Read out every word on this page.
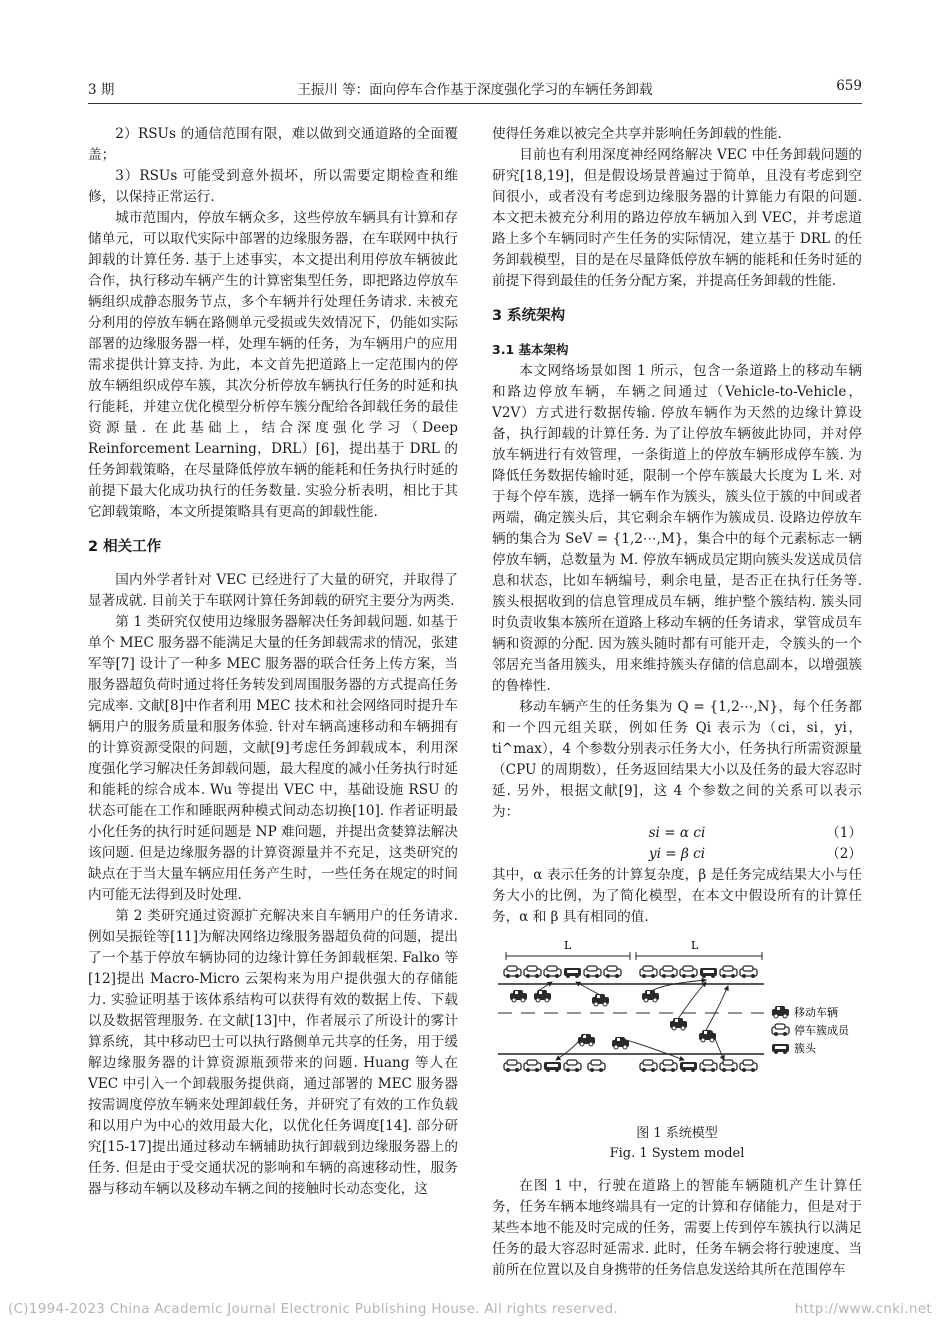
3 期	王振川 等：面向停车合作基于深度强化学习的车辆任务卸载	659

2）RSUs 的通信范围有限，难以做到交通道路的全面覆盖；

3）RSUs 可能受到意外损坏，所以需要定期检查和维修，以保持正常运行.

城市范围内，停放车辆众多，这些停放车辆具有计算和存储单元，可以取代实际中部署的边缘服务器，在车联网中执行卸载的计算任务. 基于上述事实，本文提出利用停放车辆彼此合作，执行移动车辆产生的计算密集型任务，即把路边停放车辆组织成静态服务节点，多个车辆并行处理任务请求. 未被充分利用的停放车辆在路侧单元受损或失效情况下，仍能如实际部署的边缘服务器一样，处理车辆的任务，为车辆用户的应用需求提供计算支持. 为此，本文首先把道路上一定范围内的停放车辆组织成停车簇，其次分析停放车辆执行任务的时延和执行能耗，并建立优化模型分析停车簇分配给各卸载任务的最佳资源量. 在此基础上，结合深度强化学习（Deep Reinforcement Learning，DRL）[6]，提出基于 DRL 的任务卸载策略，在尽量降低停放车辆的能耗和任务执行时延的前提下最大化成功执行的任务数量. 实验分析表明，相比于其它卸载策略，本文所提策略具有更高的卸载性能.

2 相关工作

国内外学者针对 VEC 已经进行了大量的研究，并取得了显著成就. 目前关于车联网计算任务卸载的研究主要分为两类.

第 1 类研究仅使用边缘服务器解决任务卸载问题. 如基于单个 MEC 服务器不能满足大量的任务卸载需求的情况，张建军等[7] 设计了一种多 MEC 服务器的联合任务上传方案，当服务器超负荷时通过将任务转发到周围服务器的方式提高任务完成率. 文献[8]中作者利用 MEC 技术和社会网络同时提升车辆用户的服务质量和服务体验. 针对车辆高速移动和车辆拥有的计算资源受限的问题，文献[9]考虑任务卸载成本，利用深度强化学习解决任务卸载问题，最大程度的减小任务执行时延和能耗的综合成本. Wu 等提出 VEC 中，基础设施 RSU 的状态可能在工作和睡眠两种模式间动态切换[10]. 作者证明最小化任务的执行时延问题是 NP 难问题，并提出贪婪算法解决该问题. 但是边缘服务器的计算资源量并不充足，这类研究的缺点在于当大量车辆应用任务产生时，一些任务在规定的时间内可能无法得到及时处理.

第 2 类研究通过资源扩充解决来自车辆用户的任务请求. 例如吴振铨等[11]为解决网络边缘服务器超负荷的问题，提出了一个基于停放车辆协同的边缘计算任务卸载框架. Falko 等[12]提出 Macro-Micro 云架构来为用户提供强大的存储能力. 实验证明基于该体系结构可以获得有效的数据上传、下载以及数据管理服务. 在文献[13]中，作者展示了所设计的雾计算系统，其中移动巴士可以执行路侧单元共享的任务，用于缓解边缘服务器的计算资源瓶颈带来的问题. Huang 等人在 VEC 中引入一个卸载服务提供商，通过部署的 MEC 服务器按需调度停放车辆来处理卸载任务，并研究了有效的工作负载和以用户为中心的效用最大化，以优化任务调度[14]. 部分研究[15-17]提出通过移动车辆辅助执行卸载到边缘服务器上的任务. 但是由于受交通状况的影响和车辆的高速移动性，服务器与移动车辆以及移动车辆之间的接触时长动态变化，这

使得任务难以被完全共享并影响任务卸载的性能.

目前也有利用深度神经网络解决 VEC 中任务卸载问题的研究[18,19]，但是假设场景普遍过于简单，且没有考虑到空间很小，或者没有考虑到边缘服务器的计算能力有限的问题. 本文把未被充分利用的路边停放车辆加入到 VEC，并考虑道路上多个车辆同时产生任务的实际情况，建立基于 DRL 的任务卸载模型，目的是在尽量降低停放车辆的能耗和任务时延的前提下得到最佳的任务分配方案，并提高任务卸载的性能.

3 系统架构
3.1 基本架构

本文网络场景如图 1 所示，包含一条道路上的移动车辆和路边停放车辆，车辆之间通过（Vehicle-to-Vehicle，V2V）方式进行数据传输. 停放车辆作为天然的边缘计算设备，执行卸载的计算任务. 为了让停放车辆彼此协同，并对停放车辆进行有效管理，一条街道上的停放车辆形成停车簇. 为降低任务数据传输时延，限制一个停车簇最大长度为 L 米. 对于每个停车簇，选择一辆车作为簇头，簇头位于簇的中间或者两端，确定簇头后，其它剩余车辆作为簇成员. 设路边停放车辆的集合为 SeV = {1,2⋯,M}，集合中的每个元素标志一辆停放车辆，总数量为 M. 停放车辆成员定期向簇头发送成员信息和状态，比如车辆编号，剩余电量，是否正在执行任务等. 簇头根据收到的信息管理成员车辆，维护整个簇结构. 簇头同时负责收集本簇所在道路上移动车辆的任务请求，掌管成员车辆和资源的分配. 因为簇头随时都有可能开走，令簇头的一个邻居充当备用簇头，用来维持簇头存储的信息副本，以增强簇的鲁棒性.

移动车辆产生的任务集为 Q = {1,2⋯,N}，每个任务都和一个四元组关联，例如任务 Qi 表示为（ci，si，yi，ti^max），4 个参数分别表示任务大小，任务执行所需资源量（CPU 的周期数），任务返回结果大小以及任务的最大容忍时延. 另外，根据文献[9]，这 4 个参数之间的关系可以表示为：

si = α ci	（1）
yi = β ci	（2）

其中，α 表示任务的计算复杂度，β 是任务完成结果大小与任务大小的比例，为了简化模型，在本文中假设所有的计算任务，α 和 β 具有相同的值.

L	L
移动车辆
停车簇成员
簇头
图 1 系统模型
Fig. 1 System model

在图 1 中，行驶在道路上的智能车辆随机产生计算任务，任务车辆本地终端具有一定的计算和存储能力，但是对于某些本地不能及时完成的任务，需要上传到停车簇执行以满足任务的最大容忍时延需求. 此时，任务车辆会将行驶速度、当前所在位置以及自身携带的任务信息发送给其所在范围停车

(C)1994-2023 China Academic Journal Electronic Publishing House. All rights reserved.	http://www.cnki.net
